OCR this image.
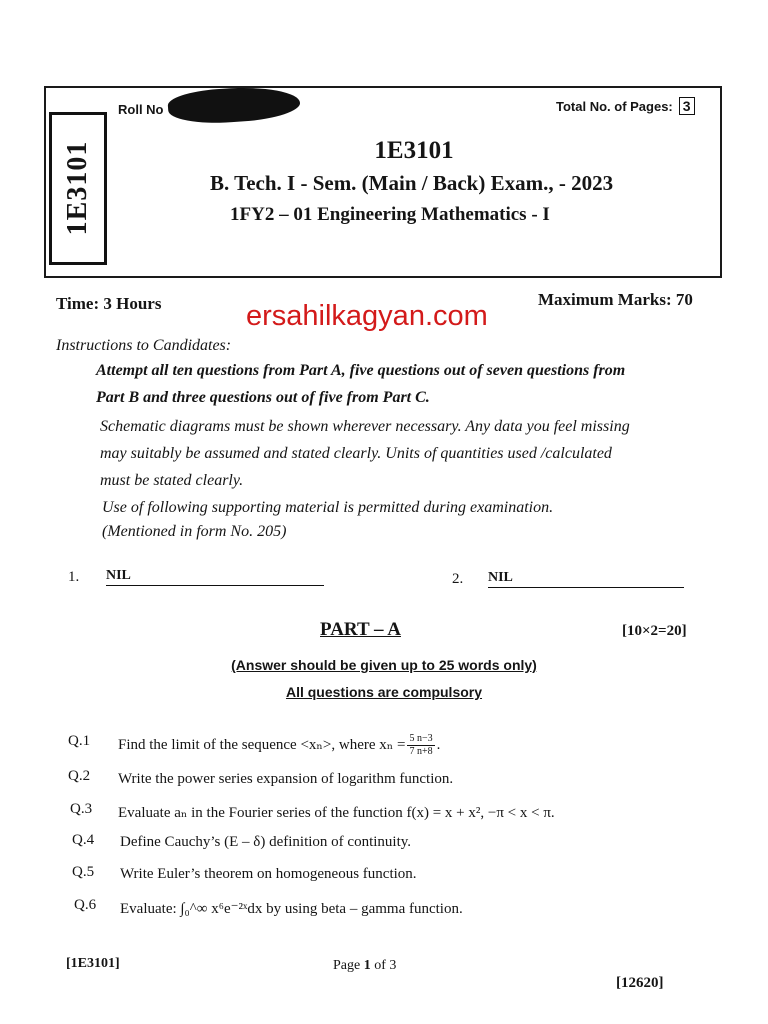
1E3101
Roll No	Total No. of Pages: 3
1E3101
B. Tech. I - Sem. (Main / Back) Exam., - 2023
1FY2 – 01 Engineering Mathematics - I
Time: 3 Hours	Maximum Marks: 70
ersahilkagyan.com
Instructions to Candidates:
Attempt all ten questions from Part A, five questions out of seven questions from
Part B and three questions out of five from Part C.
Schematic diagrams must be shown wherever necessary. Any data you feel missing
may suitably be assumed and stated clearly. Units of quantities used /calculated
must be stated clearly.
Use of following supporting material is permitted during examination.
(Mentioned in form No. 205)
1. NIL	2. NIL
PART – A	[10×2=20]
(Answer should be given up to 25 words only)
All questions are compulsory
Q.1 Find the limit of the sequence <xₙ>, where $x_n = \frac{5 n-3}{7 n+8}$ .
Q.2 Write the power series expansion of logarithm function.
Q.3 Evaluate aₙ in the Fourier series of the function f(x) = x + x², −π < x < π.
Q.4 Define Cauchy’s (E – δ) definition of continuity.
Q.5 Write Euler’s theorem on homogeneous function.
Q.6 Evaluate: ∫₀^∞ x⁶e⁻²ˣdx by using beta – gamma function.
[1E3101]	Page 1 of 3
[12620]
